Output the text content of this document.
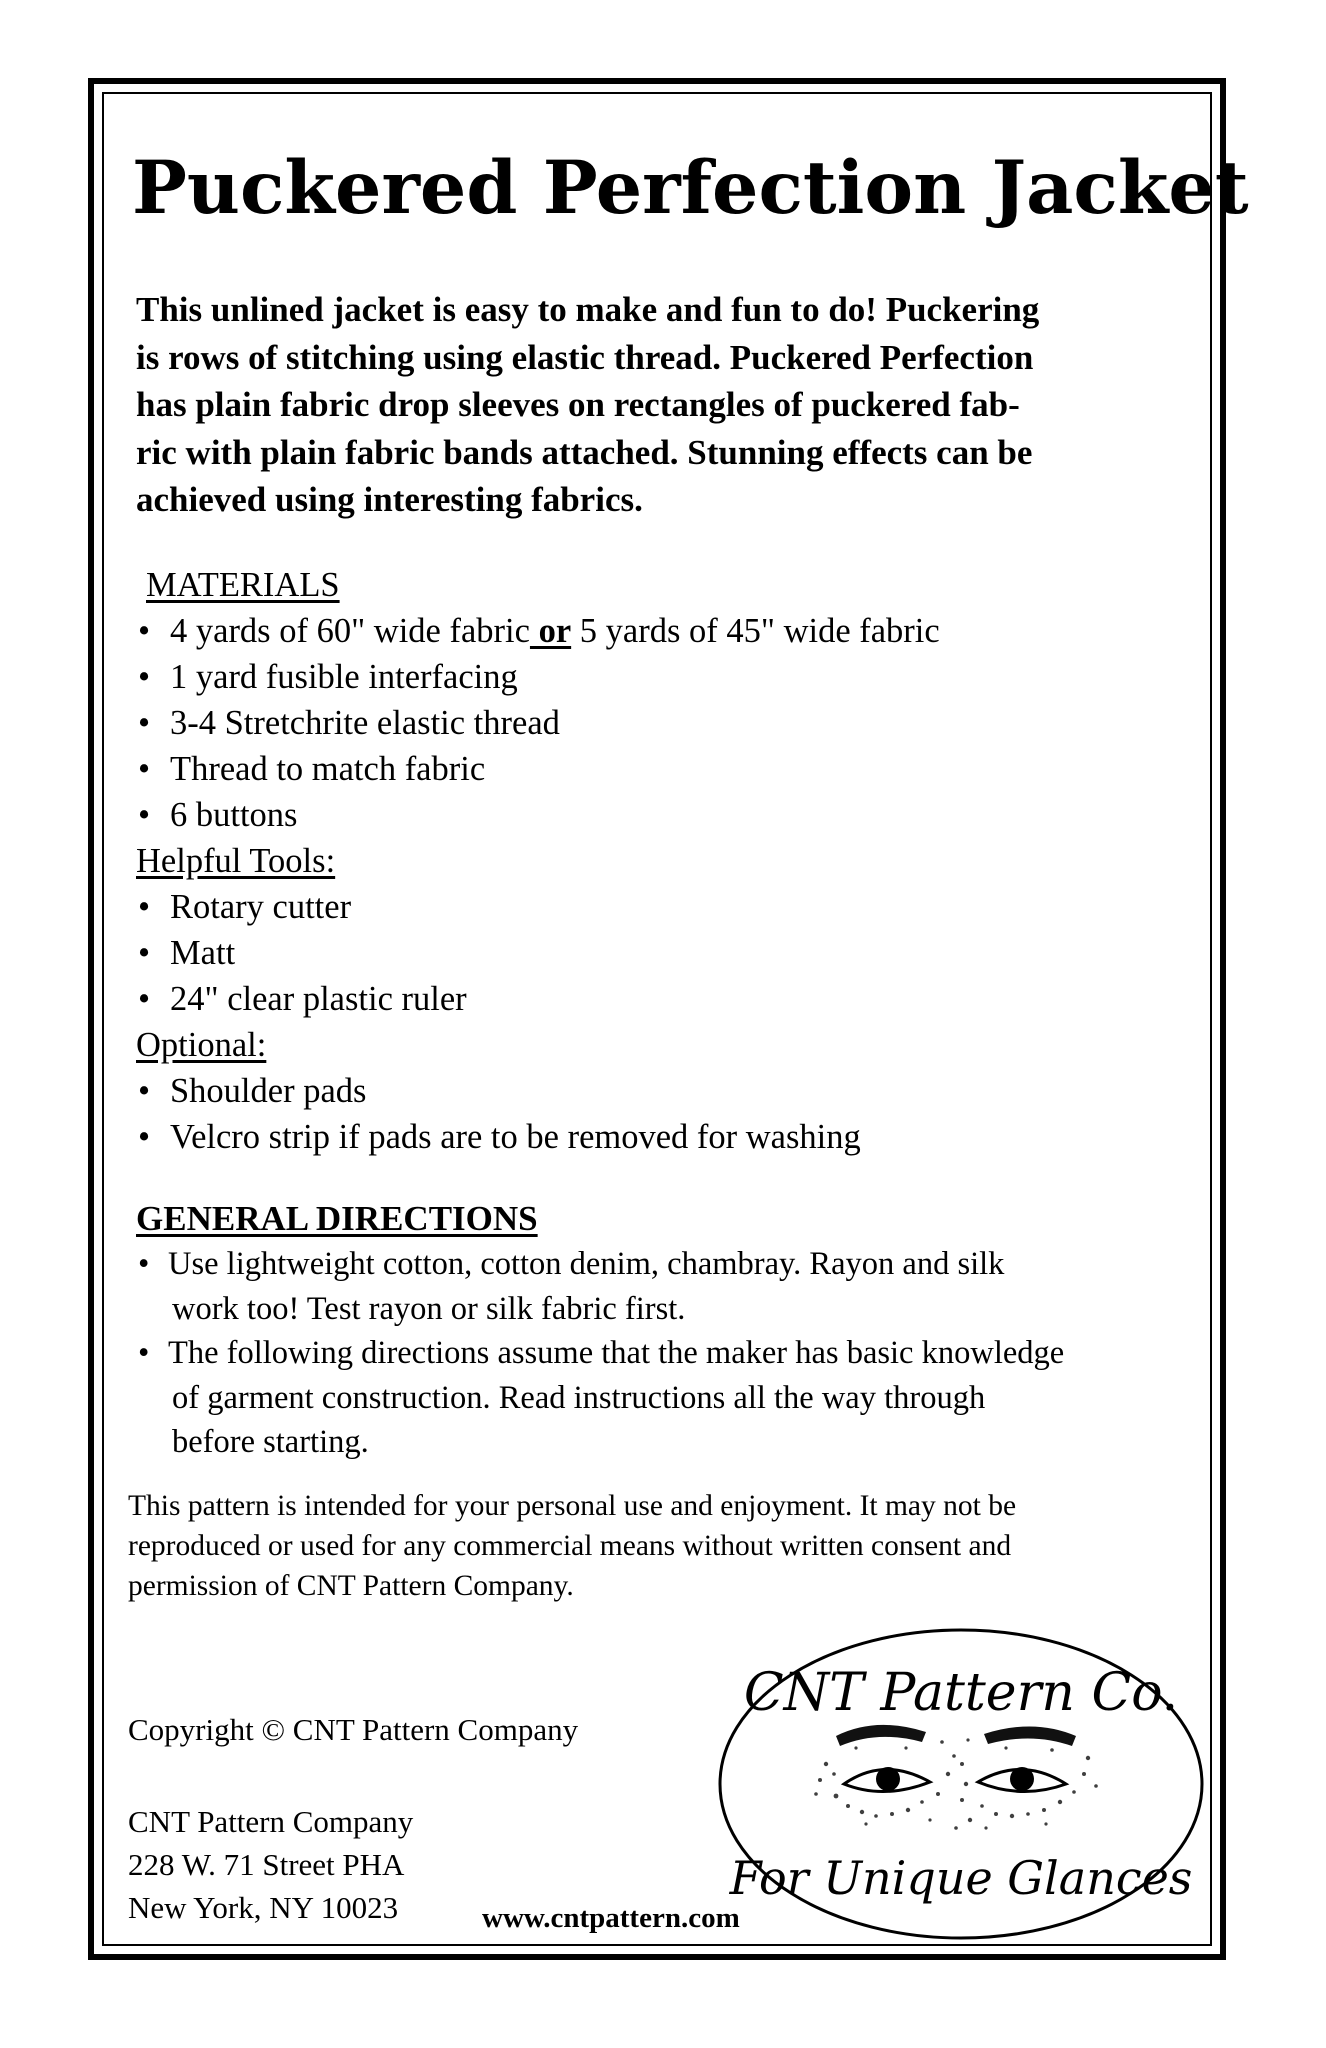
Puckered Perfection Jacket

This unlined jacket is easy to make and fun to do! Puckering
is rows of stitching using elastic thread. Puckered Perfection
has plain fabric drop sleeves on rectangles of puckered fab-
ric with plain fabric bands attached. Stunning effects can be
achieved using interesting fabrics.

MATERIALS
• 4 yards of 60" wide fabric or 5 yards of 45" wide fabric
• 1 yard fusible interfacing
• 3-4 Stretchrite elastic thread
• Thread to match fabric
• 6 buttons
Helpful Tools:
• Rotary cutter
• Matt
• 24" clear plastic ruler
Optional:
• Shoulder pads
• Velcro strip if pads are to be removed for washing
GENERAL DIRECTIONS
• Use lightweight cotton, cotton denim, chambray. Rayon and silk
work too! Test rayon or silk fabric first.
• The following directions assume that the maker has basic knowledge
of garment construction. Read instructions all the way through
before starting.
This pattern is intended for your personal use and enjoyment. It may not be
reproduced or used for any commercial means without written consent and
permission of CNT Pattern Company.
Copyright © CNT Pattern Company
CNT Pattern Company
228 W. 71 Street PHA
New York, NY 10023	www.cntpattern.com
CNT Pattern Co.
For Unique Glances
